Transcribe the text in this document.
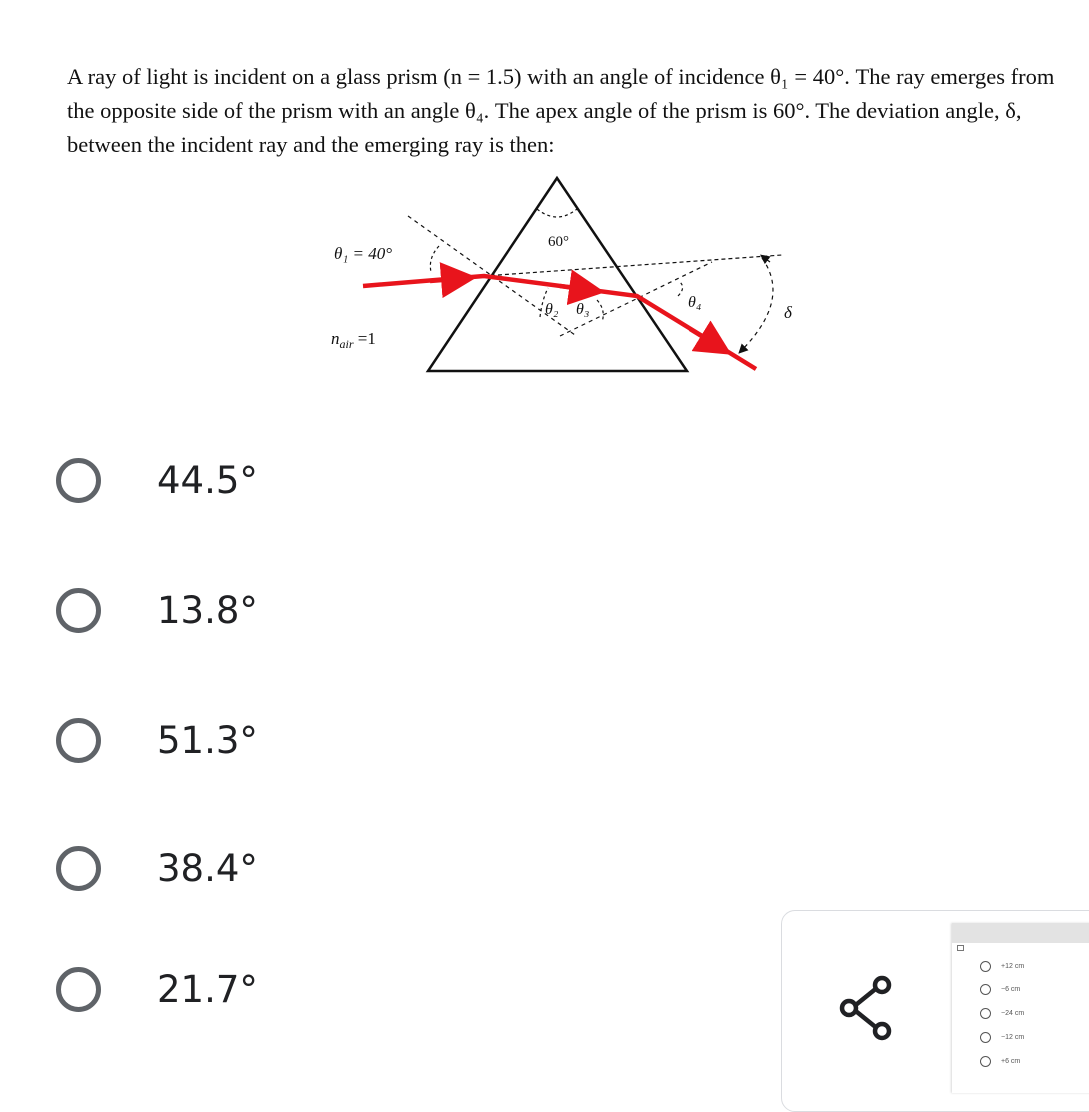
A ray of light is incident on a glass prism (n = 1.5) with an angle of incidence θ₁ = 40°. The ray emerges from the opposite side of the prism with an angle θ₄. The apex angle of the prism is 60°. The deviation angle, δ, between the incident ray and the emerging ray is then:

60°
θ₁ = 40°
θ₂ θ₃	θ₄
δ
$n_{air} =1$
44.5°
13.8°
51.3°
38.4°
21.7°
+12 cm
−6 cm
−24 cm
−12 cm
+6 cm
